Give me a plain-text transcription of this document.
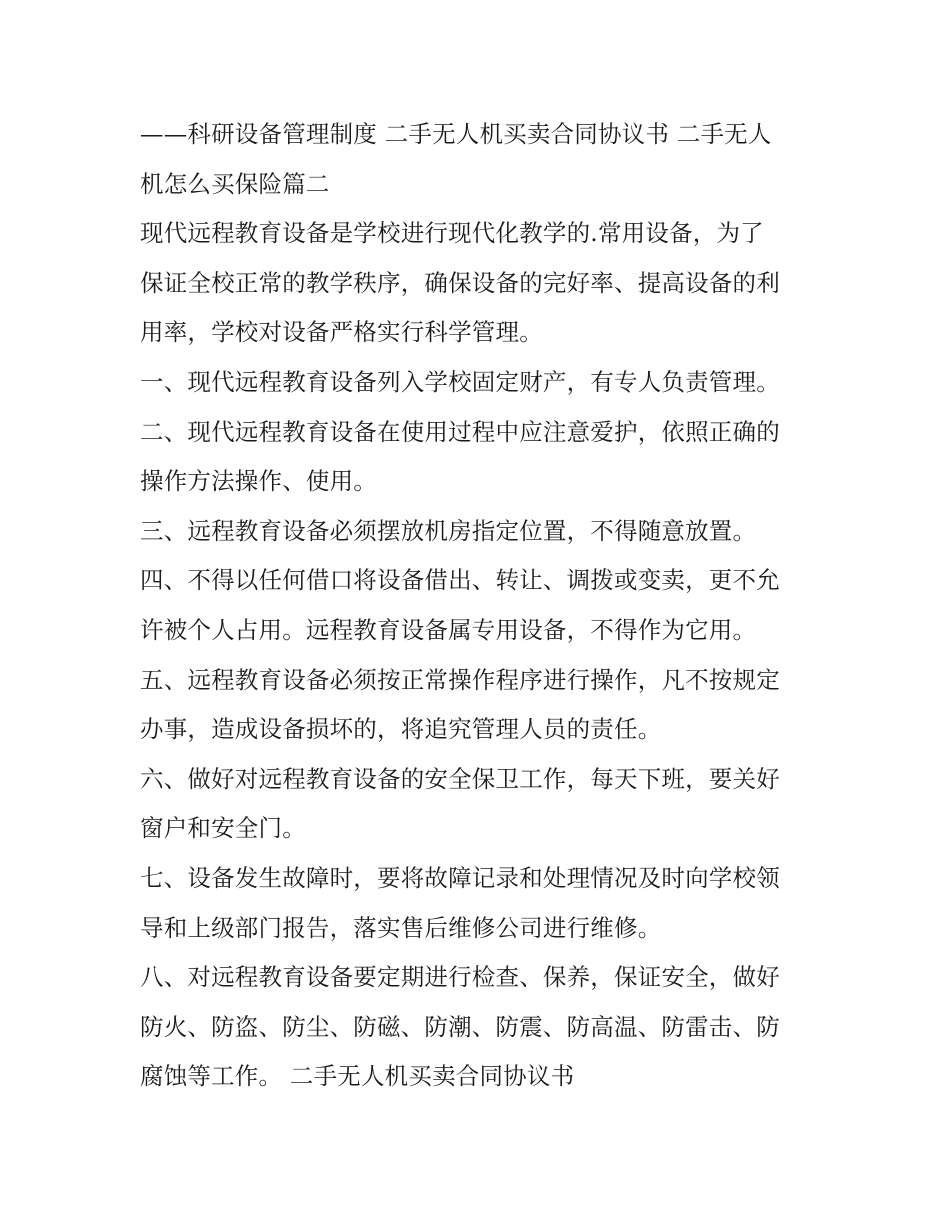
——科研设备管理制度 二手无人机买卖合同协议书 二手无人
机怎么买保险篇二
现代远程教育设备是学校进行现代化教学的.常用设备，为了
保证全校正常的教学秩序，确保设备的完好率、提高设备的利
用率，学校对设备严格实行科学管理。
一、现代远程教育设备列入学校固定财产，有专人负责管理。
二、现代远程教育设备在使用过程中应注意爱护，依照正确的
操作方法操作、使用。
三、远程教育设备必须摆放机房指定位置，不得随意放置。
四、不得以任何借口将设备借出、转让、调拨或变卖，更不允
许被个人占用。远程教育设备属专用设备，不得作为它用。
五、远程教育设备必须按正常操作程序进行操作，凡不按规定
办事，造成设备损坏的，将追究管理人员的责任。
六、做好对远程教育设备的安全保卫工作，每天下班，要关好
窗户和安全门。
七、设备发生故障时，要将故障记录和处理情况及时向学校领
导和上级部门报告，落实售后维修公司进行维修。
八、对远程教育设备要定期进行检查、保养，保证安全，做好
防火、防盗、防尘、防磁、防潮、防震、防高温、防雷击、防
腐蚀等工作。 二手无人机买卖合同协议书
